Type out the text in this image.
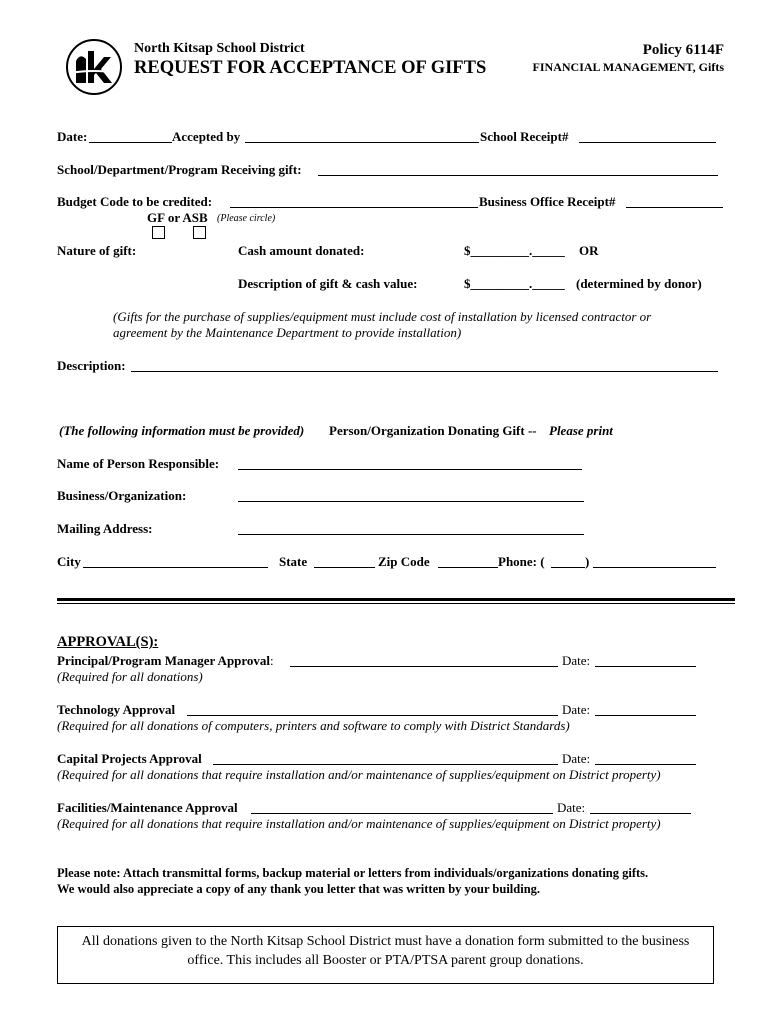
North Kitsap School District
REQUEST FOR ACCEPTANCE OF GIFTS
Policy 6114F
FINANCIAL MANAGEMENT, Gifts
Date:	Accepted by	School Receipt#
School/Department/Program Receiving gift:
Budget Code to be credited:	Business Office Receipt#
GF or ASB (Please circle)
Nature of gift:	Cash amount donated:	$_________._____ OR
Description of gift & cash value:	$_________._____ (determined by donor)
(Gifts for the purchase of supplies/equipment must include cost of installation by licensed contractor or
agreement by the Maintenance Department to provide installation)
Description:
(The following information must be provided) Person/Organization Donating Gift -- Please print
Name of Person Responsible:
Business/Organization:
Mailing Address:
City	State	Zip Code	Phone: (	)
APPROVAL(S):
Principal/Program Manager Approval:	Date:
(Required for all donations)
Technology Approval	Date:
(Required for all donations of computers, printers and software to comply with District Standards)
Capital Projects Approval	Date:
(Required for all donations that require installation and/or maintenance of supplies/equipment on District property)
Facilities/Maintenance Approval	Date:
(Required for all donations that require installation and/or maintenance of supplies/equipment on District property)
Please note: Attach transmittal forms, backup material or letters from individuals/organizations donating gifts.
We would also appreciate a copy of any thank you letter that was written by your building.
All donations given to the North Kitsap School District must have a donation form submitted to the business office. This includes all Booster or PTA/PTSA parent group donations.
